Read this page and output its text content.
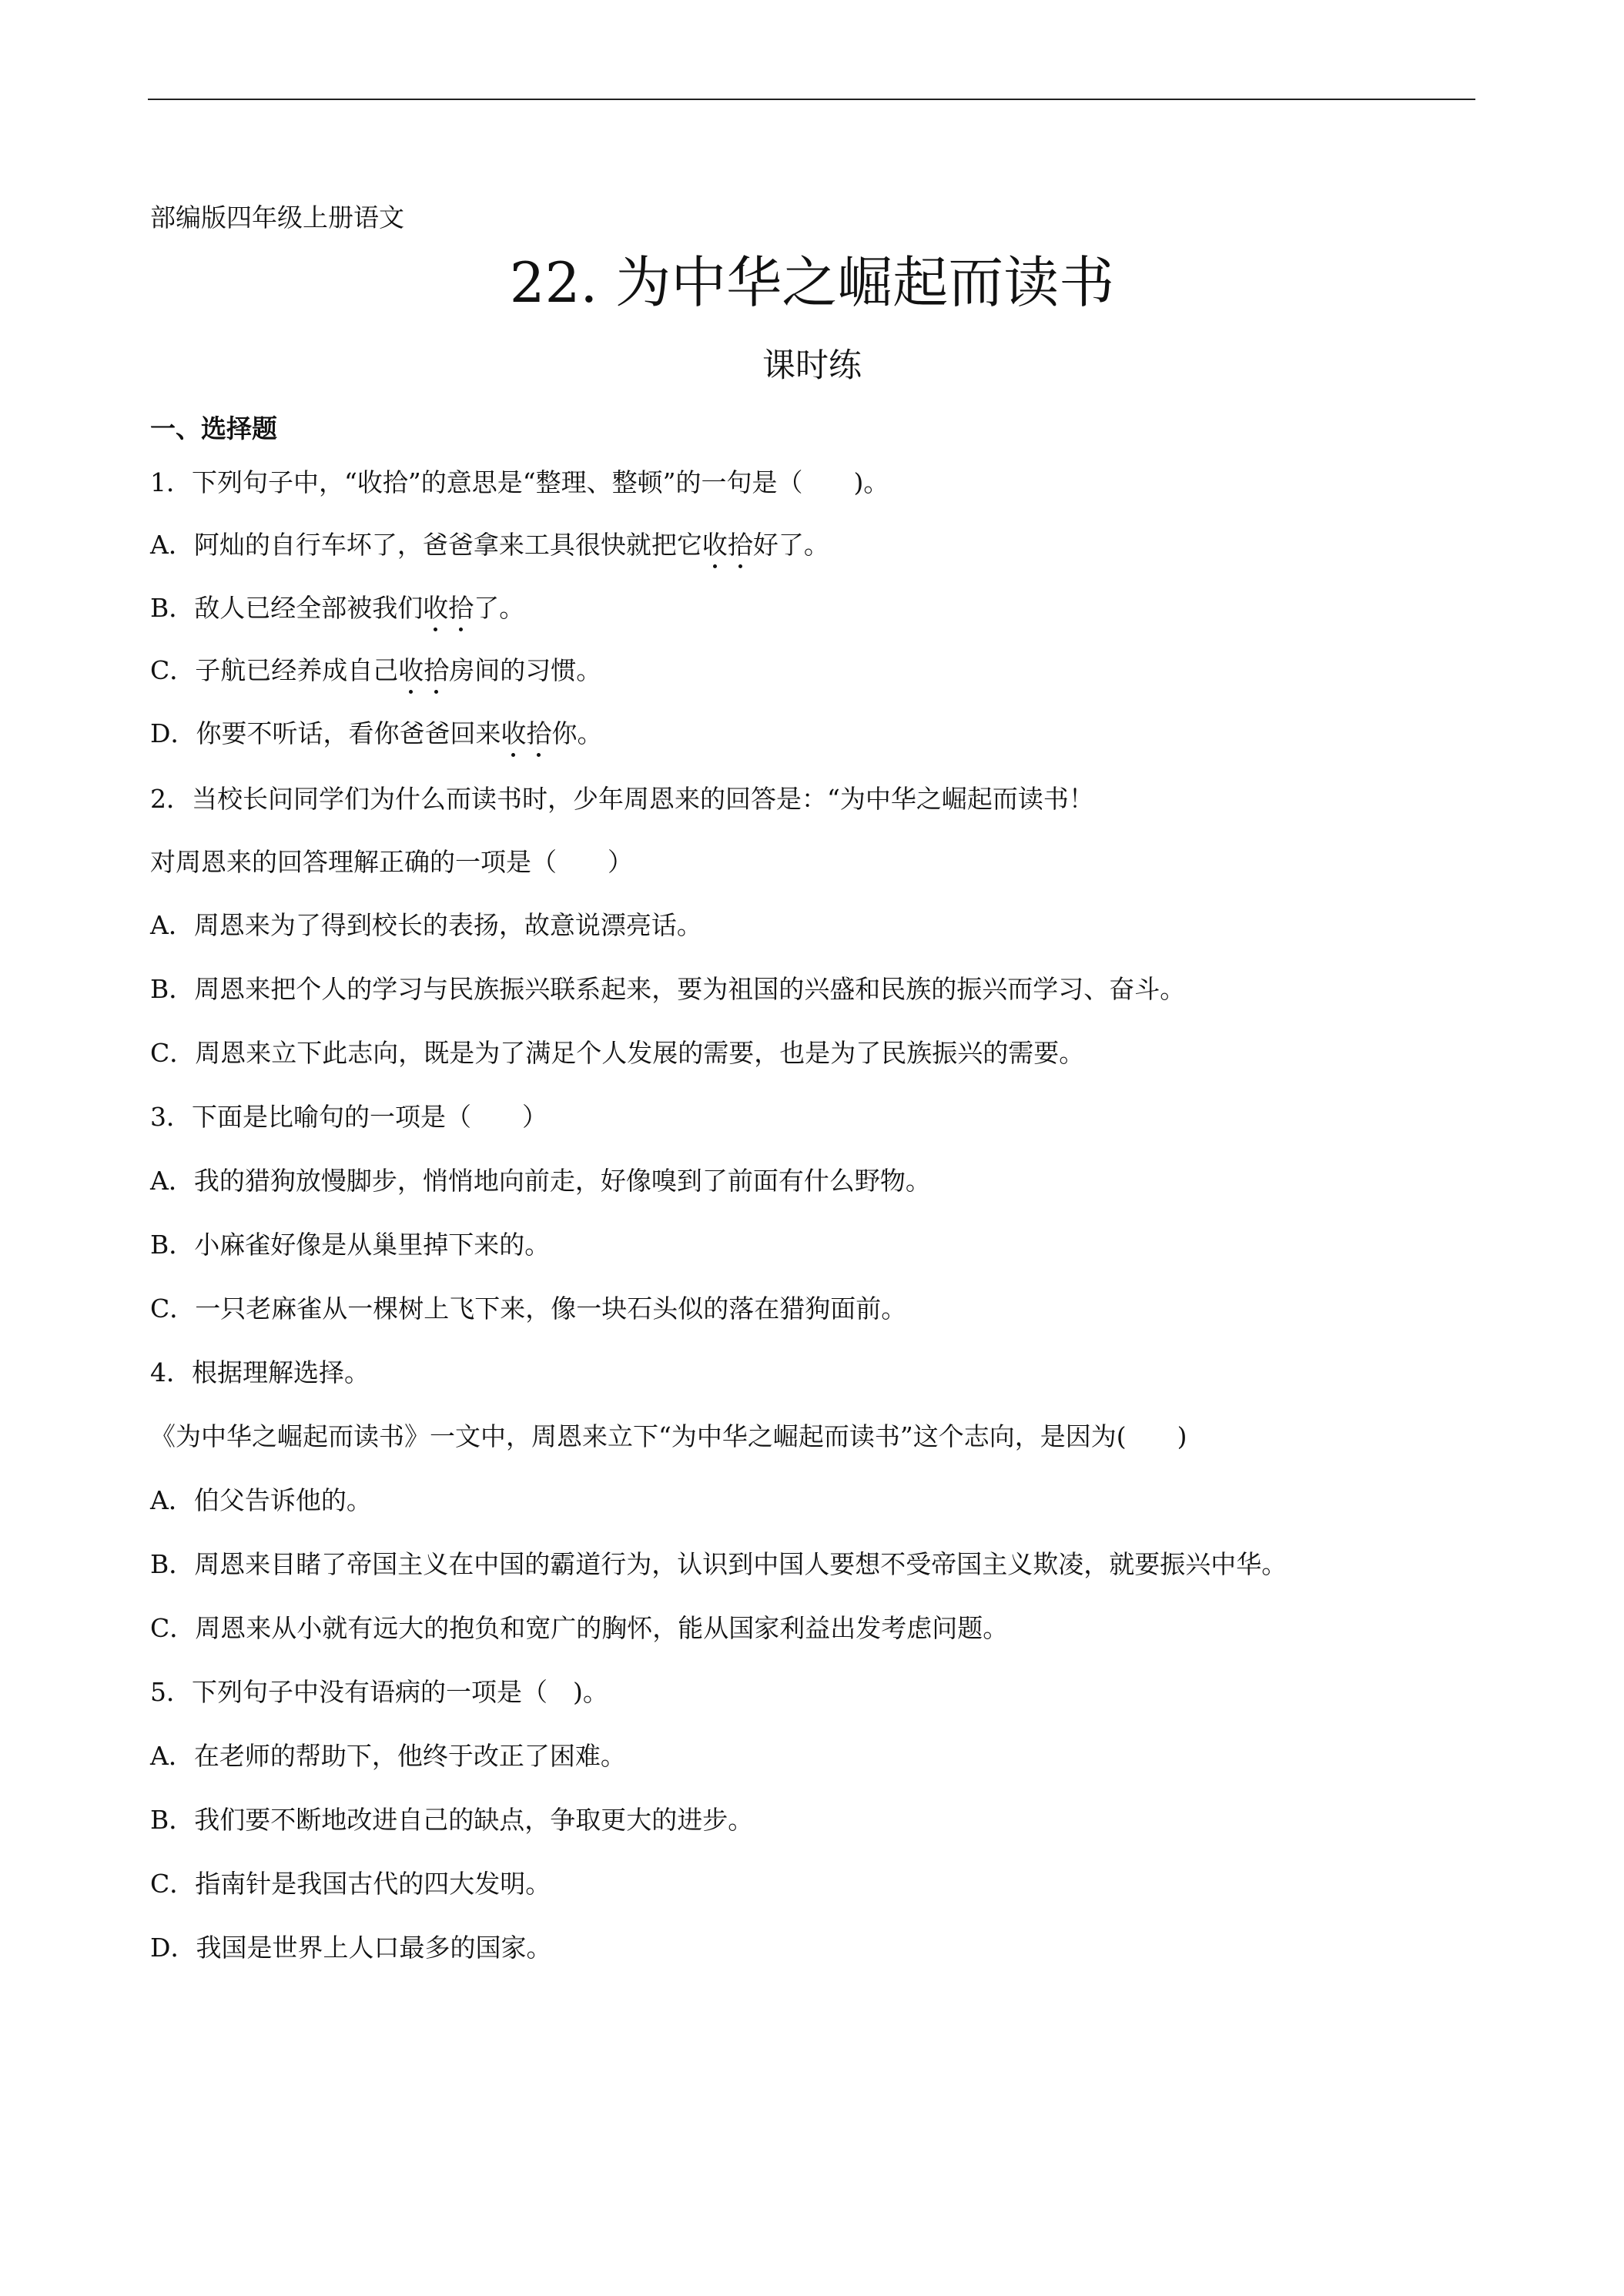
部编版四年级上册语文
22. 为中华之崛起而读书
课时练
一、选择题
1．下列句子中，“收拾”的意思是“整理、整顿”的一句是（　　)。
A．阿灿的自行车坏了，爸爸拿来工具很快就把它收拾好了。
B．敌人已经全部被我们收拾了。
C．子航已经养成自己收拾房间的习惯。
D．你要不听话，看你爸爸回来收拾你。
2．当校长问同学们为什么而读书时，少年周恩来的回答是：“为中华之崛起而读书！
对周恩来的回答理解正确的一项是（　　）
A．周恩来为了得到校长的表扬，故意说漂亮话。
B．周恩来把个人的学习与民族振兴联系起来，要为祖国的兴盛和民族的振兴而学习、奋斗。
C．周恩来立下此志向，既是为了满足个人发展的需要，也是为了民族振兴的需要。
3．下面是比喻句的一项是（　　）
A．我的猎狗放慢脚步，悄悄地向前走，好像嗅到了前面有什么野物。
B．小麻雀好像是从巢里掉下来的。
C．一只老麻雀从一棵树上飞下来，像一块石头似的落在猎狗面前。
4．根据理解选择。
《为中华之崛起而读书》一文中，周恩来立下“为中华之崛起而读书”这个志向，是因为(　　)
A．伯父告诉他的。
B．周恩来目睹了帝国主义在中国的霸道行为，认识到中国人要想不受帝国主义欺凌，就要振兴中华。
C．周恩来从小就有远大的抱负和宽广的胸怀，能从国家利益出发考虑问题。
5．下列句子中没有语病的一项是（　)。
A．在老师的帮助下，他终于改正了困难。
B．我们要不断地改进自己的缺点，争取更大的进步。
C．指南针是我国古代的四大发明。
D．我国是世界上人口最多的国家。
